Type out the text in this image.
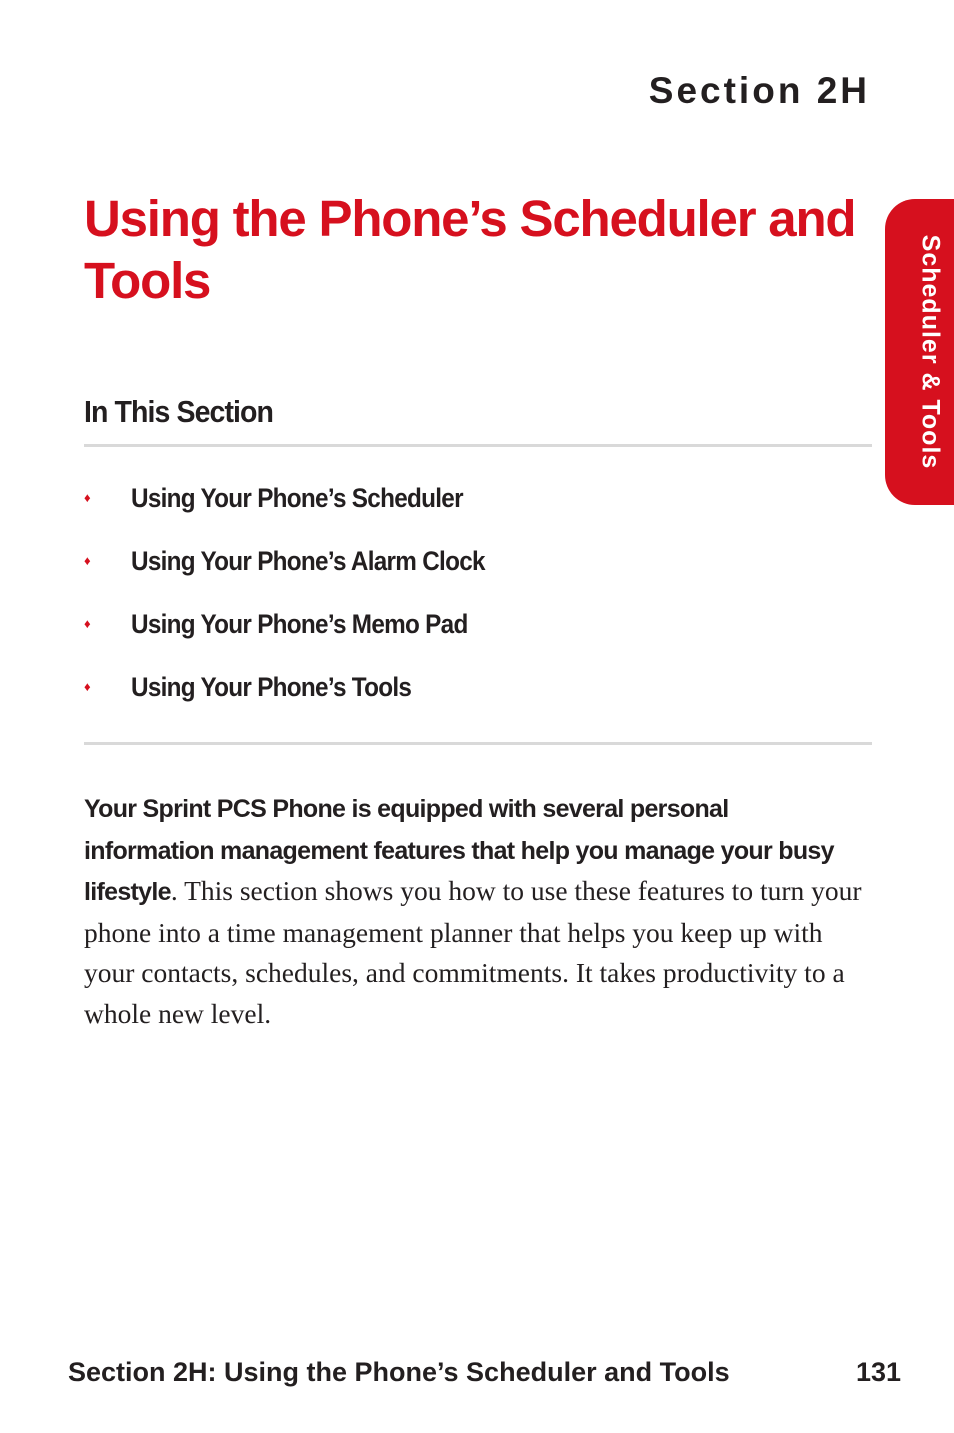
Section 2H
Using the Phone’s Scheduler and Tools	Scheduler & Tools
In This Section
♦ Using Your Phone’s Scheduler
♦ Using Your Phone’s Alarm Clock
♦ Using Your Phone’s Memo Pad
♦ Using Your Phone’s Tools

Your Sprint PCS Phone is equipped with several personal information management features that help you manage your busy lifestyle. This section shows you how to use these features to turn your phone into a time management planner that helps you keep up with your contacts, schedules, and commitments. It takes productivity to a whole new level.

Section 2H: Using the Phone’s Scheduler and Tools	131
